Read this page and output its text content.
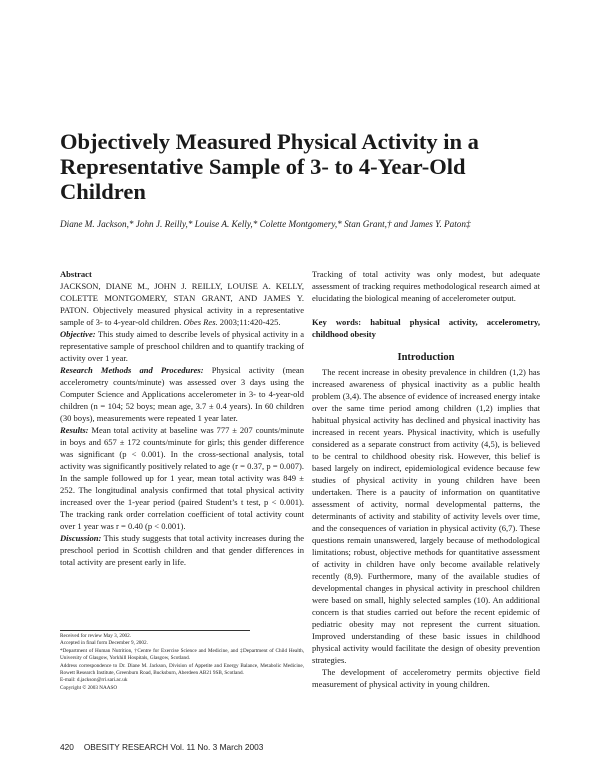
Objectively Measured Physical Activity in a Representative Sample of 3- to 4-Year-Old Children
Diane M. Jackson,* John J. Reilly,* Louise A. Kelly,* Colette Montgomery,* Stan Grant,† and James Y. Paton‡

Abstract

JACKSON, DIANE M., JOHN J. REILLY, LOUISE A. KELLY, COLETTE MONTGOMERY, STAN GRANT, AND JAMES Y. PATON. Objectively measured physical activity in a representative sample of 3- to 4-year-old children. Obes Res. 2003;11:420-425.

Objective: This study aimed to describe levels of physical activity in a representative sample of preschool children and to quantify tracking of activity over 1 year.

Research Methods and Procedures: Physical activity (mean accelerometry counts/minute) was assessed over 3 days using the Computer Science and Applications accelerometer in 3- to 4-year-old children (n = 104; 52 boys; mean age, 3.7 ± 0.4 years). In 60 children (30 boys), measurements were repeated 1 year later.

Results: Mean total activity at baseline was 777 ± 207 counts/minute in boys and 657 ± 172 counts/minute for girls; this gender difference was significant (p < 0.001). In the cross-sectional analysis, total activity was significantly positively related to age (r = 0.37, p = 0.007). In the sample followed up for 1 year, mean total activity was 849 ± 252. The longitudinal analysis confirmed that total physical activity increased over the 1-year period (paired Student’s t test, p < 0.001). The tracking rank order correlation coefficient of total activity count over 1 year was r = 0.40 (p < 0.001).

Discussion: This study suggests that total activity increases during the preschool period in Scottish children and that gender differences in total activity are present early in life.

Received for review May 3, 2002.

Accepted in final form December 9, 2002.

*Department of Human Nutrition, †Centre for Exercise Science and Medicine, and ‡Department of Child Health, University of Glasgow, Yorkhill Hospitals, Glasgow, Scotland.

Address correspondence to Dr. Diane M. Jackson, Division of Appetite and Energy Balance, Metabolic Medicine, Rowett Research Institute, Greenburn Road, Bucksburn, Aberdeen AB21 9SB, Scotland.

E-mail: d.jackson@rri.sari.ac.uk

Copyright © 2003 NAASO

Tracking of total activity was only modest, but adequate assessment of tracking requires methodological research aimed at elucidating the biological meaning of accelerometer output.

Key words: habitual physical activity, accelerometry, childhood obesity

Introduction

The recent increase in obesity prevalence in children (1,2) has increased awareness of physical inactivity as a public health problem (3,4). The absence of evidence of increased energy intake over the same time period among children (1,2) implies that habitual physical activity has declined and physical inactivity has increased in recent years. Physical inactivity, which is usefully considered as a separate construct from activity (4,5), is believed to be central to childhood obesity risk. However, this belief is based largely on indirect, epidemiological evidence because few studies of physical activity in young children have been undertaken. There is a paucity of information on quantitative assessment of activity, normal developmental patterns, the determinants of activity and stability of activity levels over time, and the consequences of variation in physical activity (6,7). These questions remain unanswered, largely because of methodological limitations; robust, objective methods for quantitative assessment of activity in children have only become available relatively recently (8,9). Furthermore, many of the available studies of developmental changes in physical activity in preschool children were based on small, highly selected samples (10). An additional concern is that studies carried out before the recent epidemic of pediatric obesity may not represent the current situation. Improved understanding of these basic issues in childhood physical activity would facilitate the design of obesity prevention strategies.

The development of accelerometry permits objective field measurement of physical activity in young children.

420 OBESITY RESEARCH Vol. 11 No. 3 March 2003
